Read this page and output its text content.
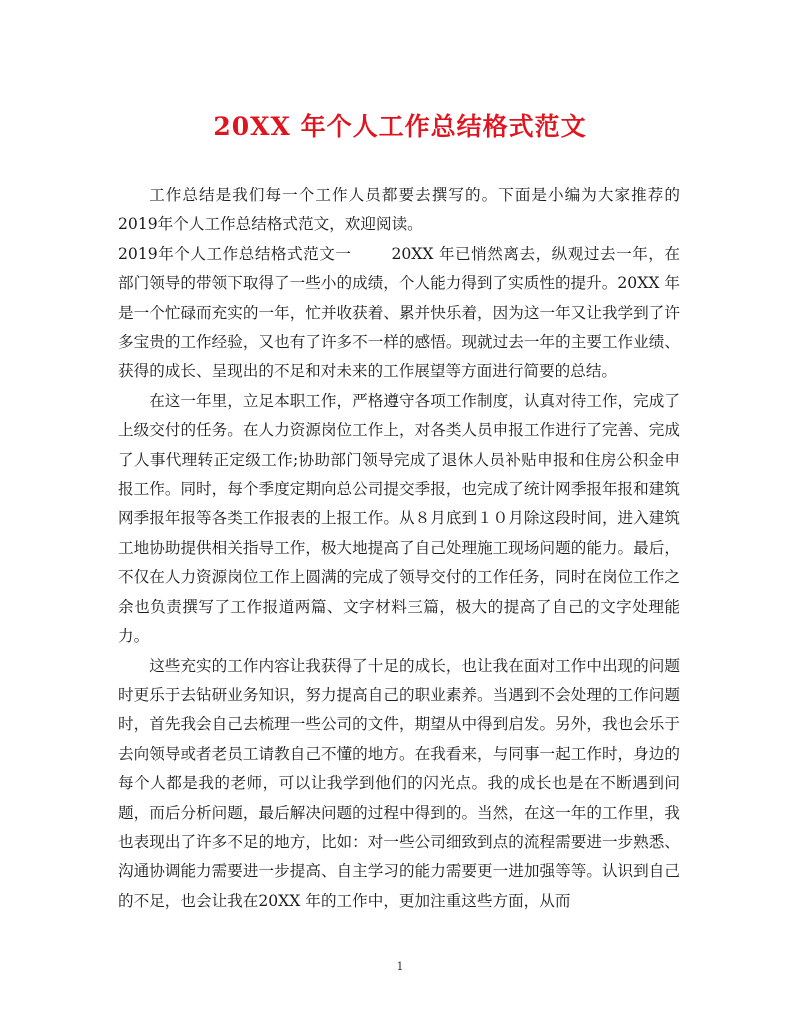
20XX 年个人工作总结格式范文

工作总结是我们每一个工作人员都要去撰写的。下面是小编为大家推荐的2019年个人工作总结格式范文，欢迎阅读。

2019年个人工作总结格式范文一	20XX 年已悄然离去，纵观过去一年，在部门领导的带领下取得了一些小的成绩，个人能力得到了实质性的提升。20XX 年是一个忙碌而充实的一年，忙并收获着、累并快乐着，因为这一年又让我学到了许多宝贵的工作经验，又也有了许多不一样的感悟。现就过去一年的主要工作业绩、获得的成长、呈现出的不足和对未来的工作展望等方面进行简要的总结。

在这一年里，立足本职工作，严格遵守各项工作制度，认真对待工作，完成了上级交付的任务。在人力资源岗位工作上，对各类人员申报工作进行了完善、完成了人事代理转正定级工作;协助部门领导完成了退休人员补贴申报和住房公积金申报工作。同时，每个季度定期向总公司提交季报，也完成了统计网季报年报和建筑网季报年报等各类工作报表的上报工作。从８月底到１０月除这段时间，进入建筑工地协助提供相关指导工作，极大地提高了自己处理施工现场问题的能力。最后，不仅在人力资源岗位工作上圆满的完成了领导交付的工作任务，同时在岗位工作之余也负责撰写了工作报道两篇、文字材料三篇，极大的提高了自己的文字处理能力。

这些充实的工作内容让我获得了十足的成长，也让我在面对工作中出现的问题时更乐于去钻研业务知识，努力提高自己的职业素养。当遇到不会处理的工作问题时，首先我会自己去梳理一些公司的文件，期望从中得到启发。另外，我也会乐于去向领导或者老员工请教自己不懂的地方。在我看来，与同事一起工作时，身边的每个人都是我的老师，可以让我学到他们的闪光点。我的成长也是在不断遇到问题，而后分析问题，最后解决问题的过程中得到的。当然，在这一年的工作里，我也表现出了许多不足的地方，比如：对一些公司细致到点的流程需要进一步熟悉、沟通协调能力需要进一步提高、自主学习的能力需要更一进加强等等。认识到自己的不足，也会让我在20XX 年的工作中，更加注重这些方面，从而

1
